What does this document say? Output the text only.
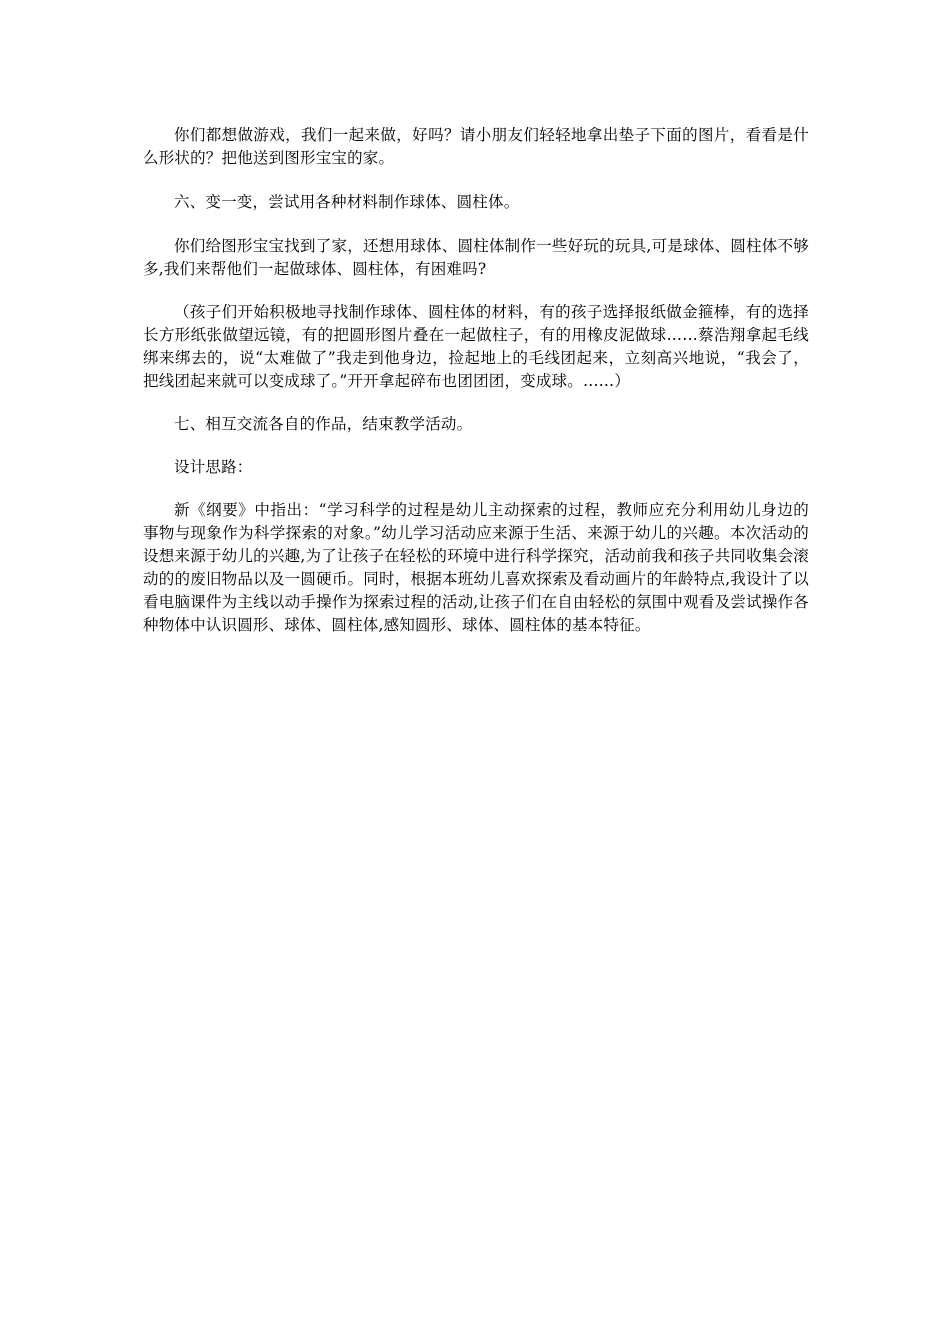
你们都想做游戏，我们一起来做，好吗？请小朋友们轻轻地拿出垫子下面的图片，看看是什么形状的？把他送到图形宝宝的家。

六、变一变，尝试用各种材料制作球体、圆柱体。

你们给图形宝宝找到了家，还想用球体、圆柱体制作一些好玩的玩具,可是球体、圆柱体不够多,我们来帮他们一起做球体、圆柱体，有困难吗?

（孩子们开始积极地寻找制作球体、圆柱体的材料，有的孩子选择报纸做金箍棒，有的选择长方形纸张做望远镜，有的把圆形图片叠在一起做柱子，有的用橡皮泥做球……蔡浩翔拿起毛线绑来绑去的，说“太难做了”我走到他身边，捡起地上的毛线团起来，立刻高兴地说，“我会了，把线团起来就可以变成球了。”开开拿起碎布也团团团，变成球。……）

七、相互交流各自的作品，结束教学活动。

设计思路：

新《纲要》中指出：“学习科学的过程是幼儿主动探索的过程，教师应充分利用幼儿身边的事物与现象作为科学探索的对象。”幼儿学习活动应来源于生活、来源于幼儿的兴趣。本次活动的设想来源于幼儿的兴趣,为了让孩子在轻松的环境中进行科学探究，活动前我和孩子共同收集会滚动的的废旧物品以及一圆硬币。同时，根据本班幼儿喜欢探索及看动画片的年龄特点,我设计了以看电脑课件为主线以动手操作为探索过程的活动,让孩子们在自由轻松的氛围中观看及尝试操作各种物体中认识圆形、球体、圆柱体,感知圆形、球体、圆柱体的基本特征。
